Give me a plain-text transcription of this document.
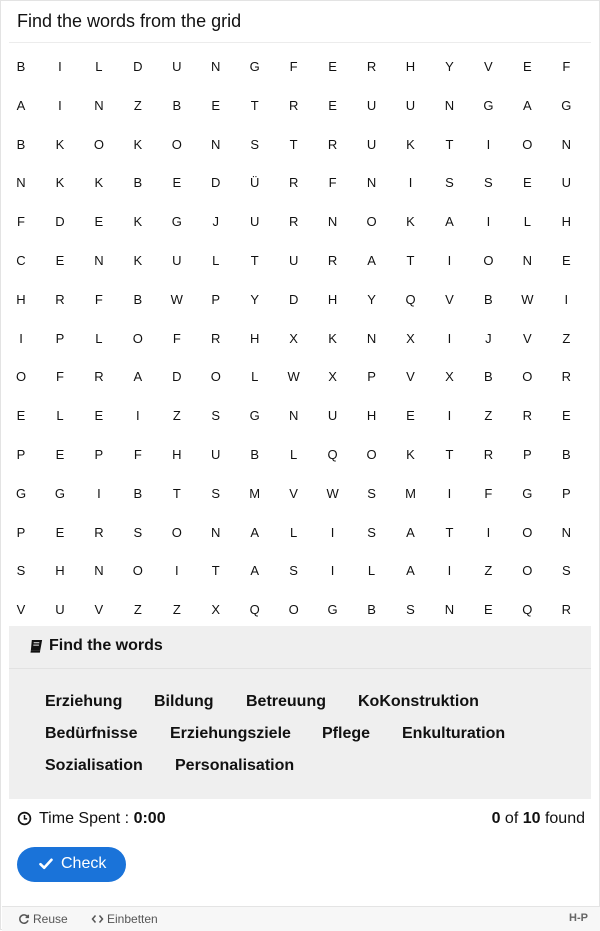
Find the words from the grid
B	I	L	D	U	N	G	F	E	R	H	Y	V	E	F
A	I	N	Z	B	E	T	R	E	U	U	N	G	A	G
B	K	O	K	O	N	S	T	R	U	K	T	I	O	N
N	K	K	B	E	D	Ü	R	F	N	I	S	S	E	U
F	D	E	K	G	J	U	R	N	O	K	A	I	L	H
C	E	N	K	U	L	T	U	R	A	T	I	O	N	E
H	R	F	B	W	P	Y	D	H	Y	Q	V	B	W	I
I	P	L	O	F	R	H	X	K	N	X	I	J	V	Z
O	F	R	A	D	O	L	W	X	P	V	X	B	O	R
E	L	E	I	Z	S	G	N	U	H	E	I	Z	R	E
P	E	P	F	H	U	B	L	Q	O	K	T	R	P	B
G	G	I	B	T	S	M	V	W	S	M	I	F	G	P
P	E	R	S	O	N	A	L	I	S	A	T	I	O	N
S	H	N	O	I	T	A	S	I	L	A	I	Z	O	S
V	U	V	Z	Z	X	Q	O	G	B	S	N	E	Q	R
Find the words
Erziehung Bildung Betreuung KoKonstruktion
Bedürfnisse Erziehungsziele Pflege Enkulturation
Sozialisation Personalisation
Time Spent : 0:00	0 of 10 found
Check
Reuse	Einbetten	H-P
